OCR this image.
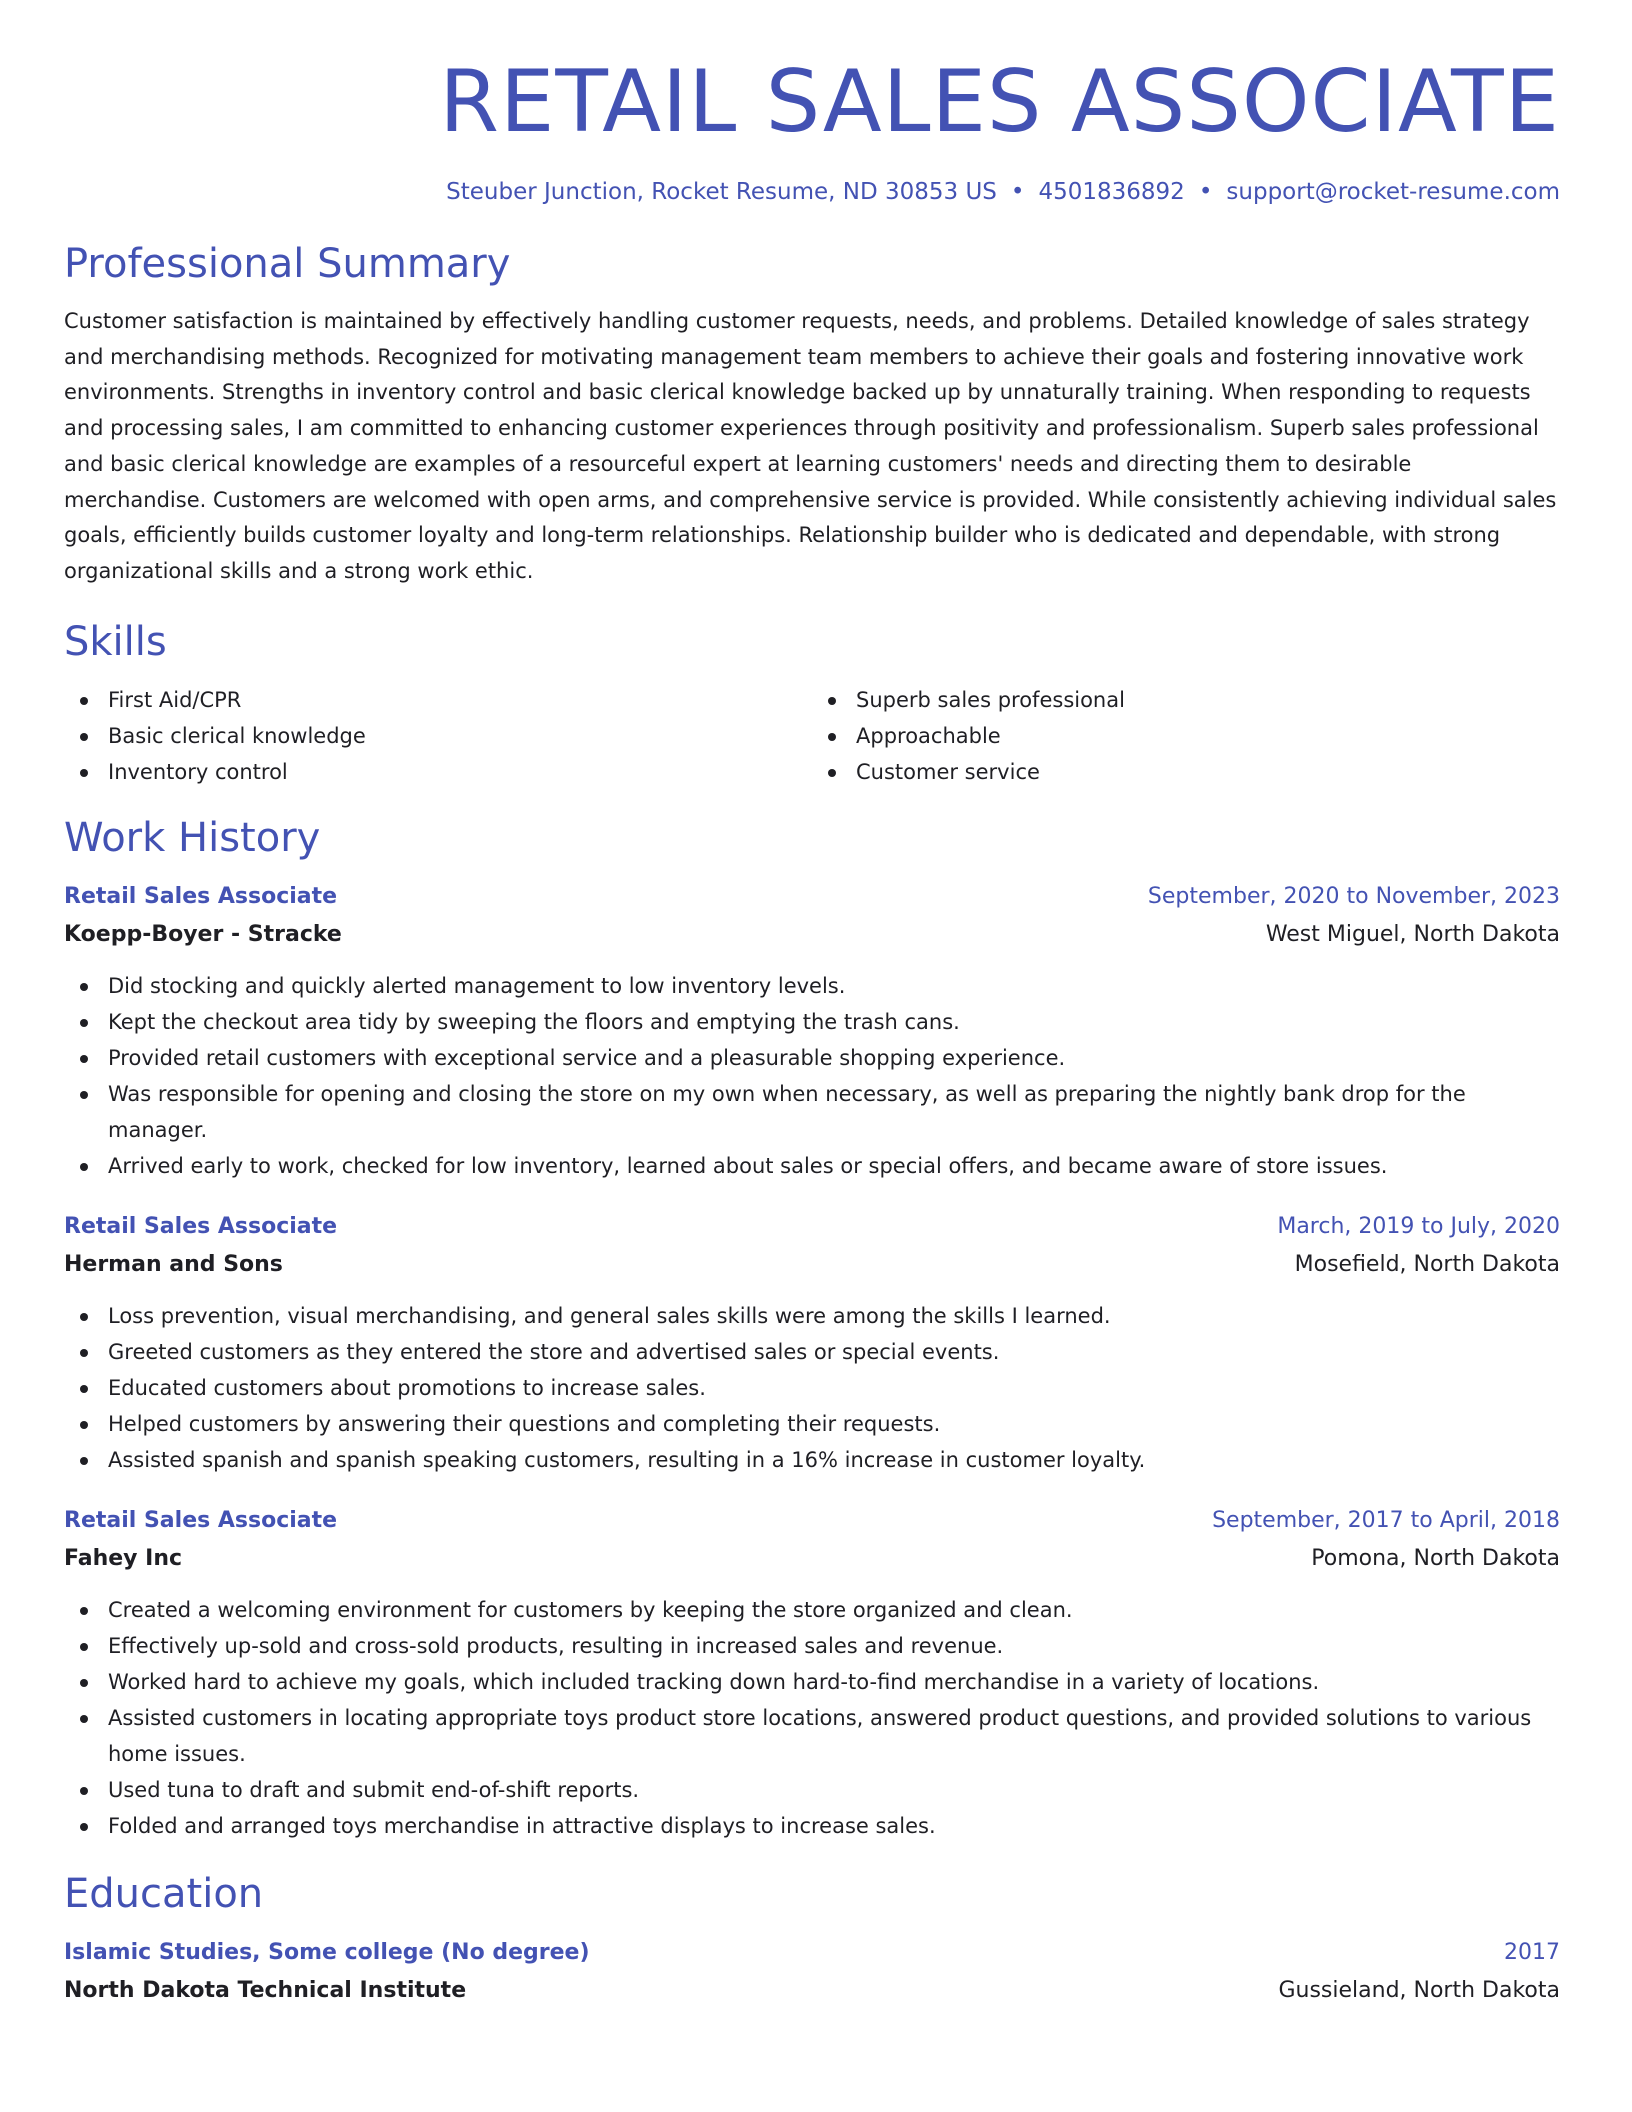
RETAIL SALES ASSOCIATE
Steuber Junction, Rocket Resume, ND 30853 US • 4501836892 • support@rocket-resume.com
Professional Summary

Customer satisfaction is maintained by effectively handling customer requests, needs, and problems. Detailed knowledge of sales strategy and merchandising methods. Recognized for motivating management team members to achieve their goals and fostering innovative work environments. Strengths in inventory control and basic clerical knowledge backed up by unnaturally training. When responding to requests and processing sales, I am committed to enhancing customer experiences through positivity and professionalism. Superb sales professional and basic clerical knowledge are examples of a resourceful expert at learning customers' needs and directing them to desirable merchandise. Customers are welcomed with open arms, and comprehensive service is provided. While consistently achieving individual sales goals, efficiently builds customer loyalty and long-term relationships. Relationship builder who is dedicated and dependable, with strong organizational skills and a strong work ethic.

Skills
First Aid/CPR
Basic clerical knowledge
Inventory control
Superb sales professional
Approachable
Customer service
Work History
Retail Sales Associate	September, 2020 to November, 2023
Koepp-Boyer - Stracke	West Miguel, North Dakota
Did stocking and quickly alerted management to low inventory levels.
Kept the checkout area tidy by sweeping the floors and emptying the trash cans.
Provided retail customers with exceptional service and a pleasurable shopping experience.
Was responsible for opening and closing the store on my own when necessary, as well as preparing the nightly bank drop for the manager.
Arrived early to work, checked for low inventory, learned about sales or special offers, and became aware of store issues.
Retail Sales Associate	March, 2019 to July, 2020
Herman and Sons	Mosefield, North Dakota
Loss prevention, visual merchandising, and general sales skills were among the skills I learned.
Greeted customers as they entered the store and advertised sales or special events.
Educated customers about promotions to increase sales.
Helped customers by answering their questions and completing their requests.
Assisted spanish and spanish speaking customers, resulting in a 16% increase in customer loyalty.
Retail Sales Associate	September, 2017 to April, 2018
Fahey Inc	Pomona, North Dakota
Created a welcoming environment for customers by keeping the store organized and clean.
Effectively up-sold and cross-sold products, resulting in increased sales and revenue.
Worked hard to achieve my goals, which included tracking down hard-to-find merchandise in a variety of locations.
Assisted customers in locating appropriate toys product store locations, answered product questions, and provided solutions to various home issues.
Used tuna to draft and submit end-of-shift reports.
Folded and arranged toys merchandise in attractive displays to increase sales.
Education
Islamic Studies, Some college (No degree)	2017
North Dakota Technical Institute	Gussieland, North Dakota
